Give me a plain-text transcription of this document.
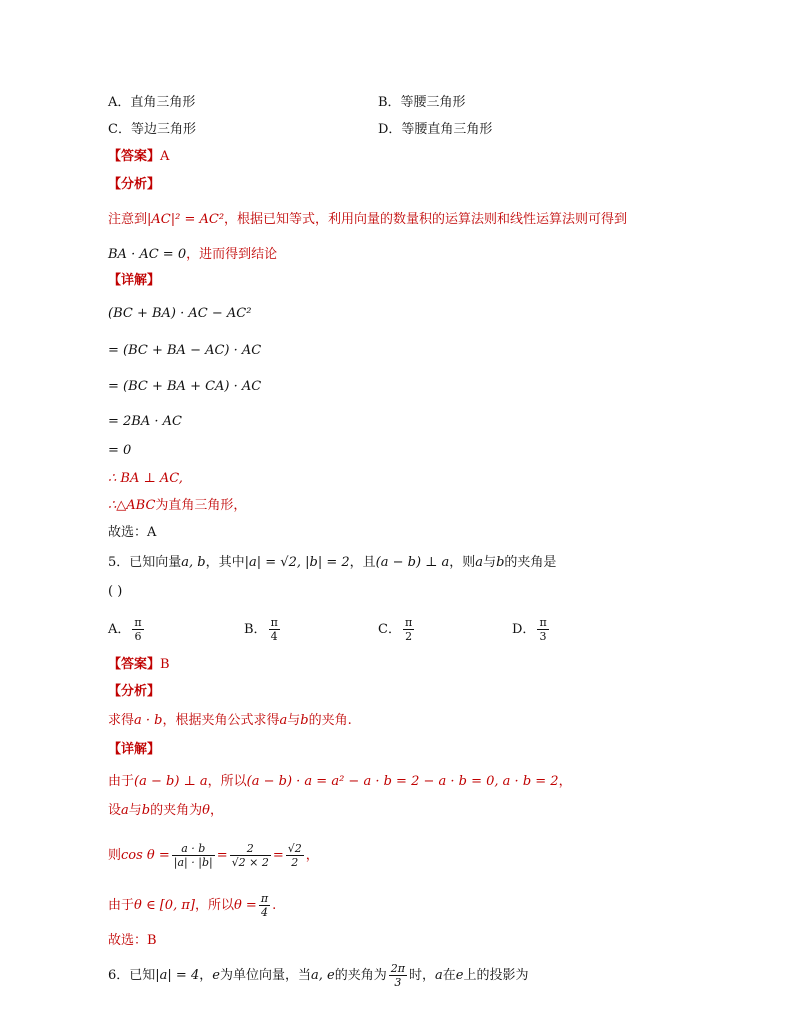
A．直角三角形	B．等腰三角形
C．等边三角形	D．等腰直角三角形
【答案】A
【分析】
注意到|AC|² = AC²，根据已知等式，利用向量的数量积的运算法则和线性运算法则可得到
BA · AC = 0，进而得到结论
【详解】
(BC + BA) · AC − AC²
= (BC + BA − AC) · AC
= (BC + BA + CA) · AC
= 2BA · AC
= 0
∴ BA ⊥ AC,
∴△ABC为直角三角形，
故选：A
5．已知向量a, b，其中|a| = √2, |b| = 2，且(a − b) ⊥ a，则a与b的夹角是
( )
A． $\frac{\pi}{6}$	B． $\frac{\pi}{4}$	C． $\frac{\pi}{2}$	D． $\frac{\pi}{3}$
【答案】B
【分析】
求得a · b，根据夹角公式求得a与b的夹角.
【详解】
由于(a − b) ⊥ a，所以(a − b) · a = a² − a · b = 2 − a · b = 0, a · b = 2，
设a与b的夹角为θ，
则$\cos \theta = \frac{a \cdot b}{|a| \cdot |b|} = \frac{2}{√2 \times 2} = \frac{√2}{2}$ ，
由于θ ∈ [0, π]，所以$\theta = \frac{\pi}{4}$ .
故选：B
6．已知|a| = 4，e为单位向量，当a, e的夹角为 $\frac{2\pi}{3}$ 时，a在e上的投影为
